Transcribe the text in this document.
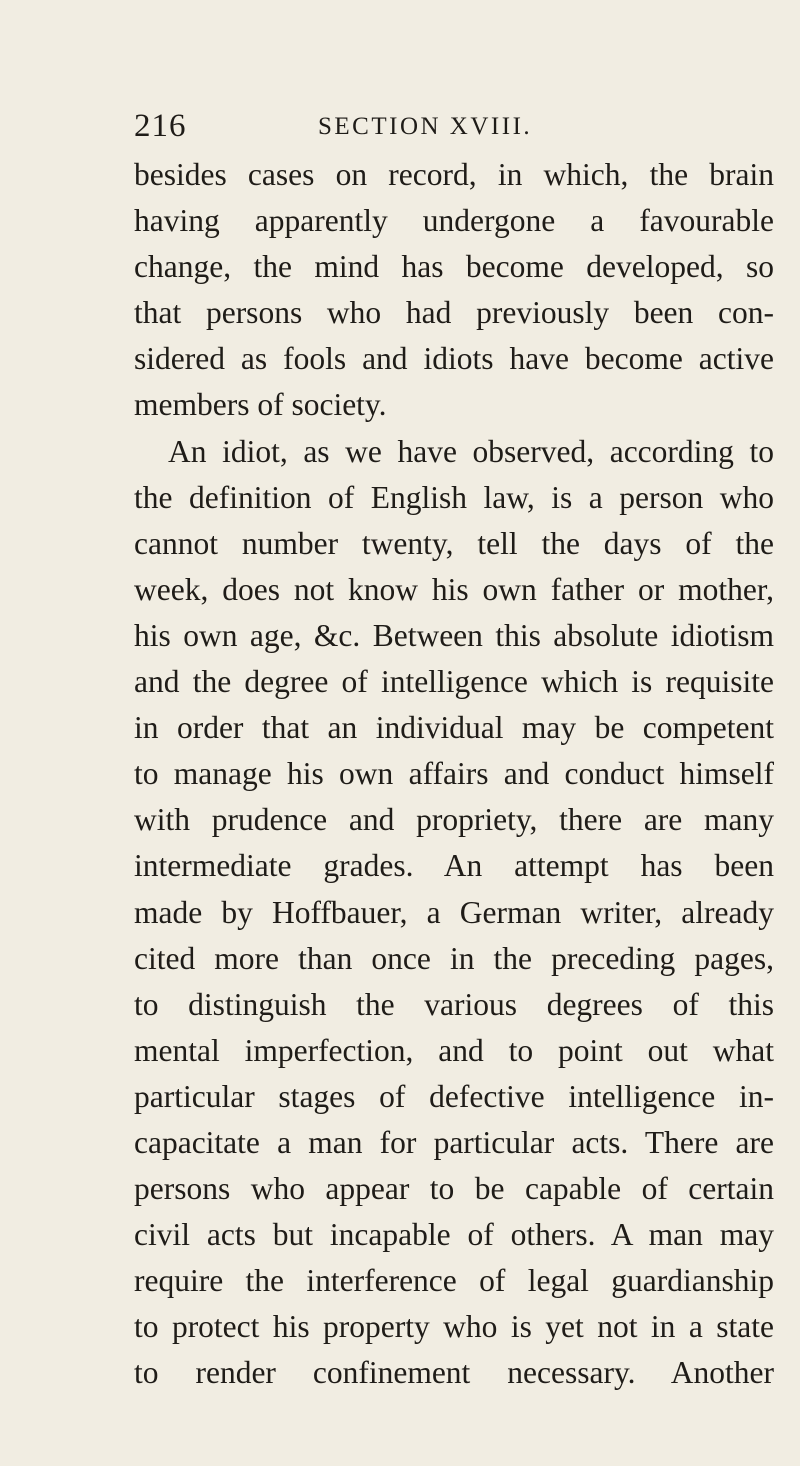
216	SECTION XVIII.
besides cases on record, in which, the brain
having apparently undergone a favourable
change, the mind has become developed, so
that persons who had previously been con-
sidered as fools and idiots have become active
members of society.
An idiot, as we have observed, according to
the definition of English law, is a person who
cannot number twenty, tell the days of the
week, does not know his own father or mother,
his own age, &c. Between this absolute idiotism
and the degree of intelligence which is requisite
in order that an individual may be competent
to manage his own affairs and conduct himself
with prudence and propriety, there are many
intermediate grades. An attempt has been
made by Hoffbauer, a German writer, already
cited more than once in the preceding pages,
to distinguish the various degrees of this
mental imperfection, and to point out what
particular stages of defective intelligence in-
capacitate a man for particular acts. There are
persons who appear to be capable of certain
civil acts but incapable of others. A man may
require the interference of legal guardianship
to protect his property who is yet not in a state
to render confinement necessary. Another
